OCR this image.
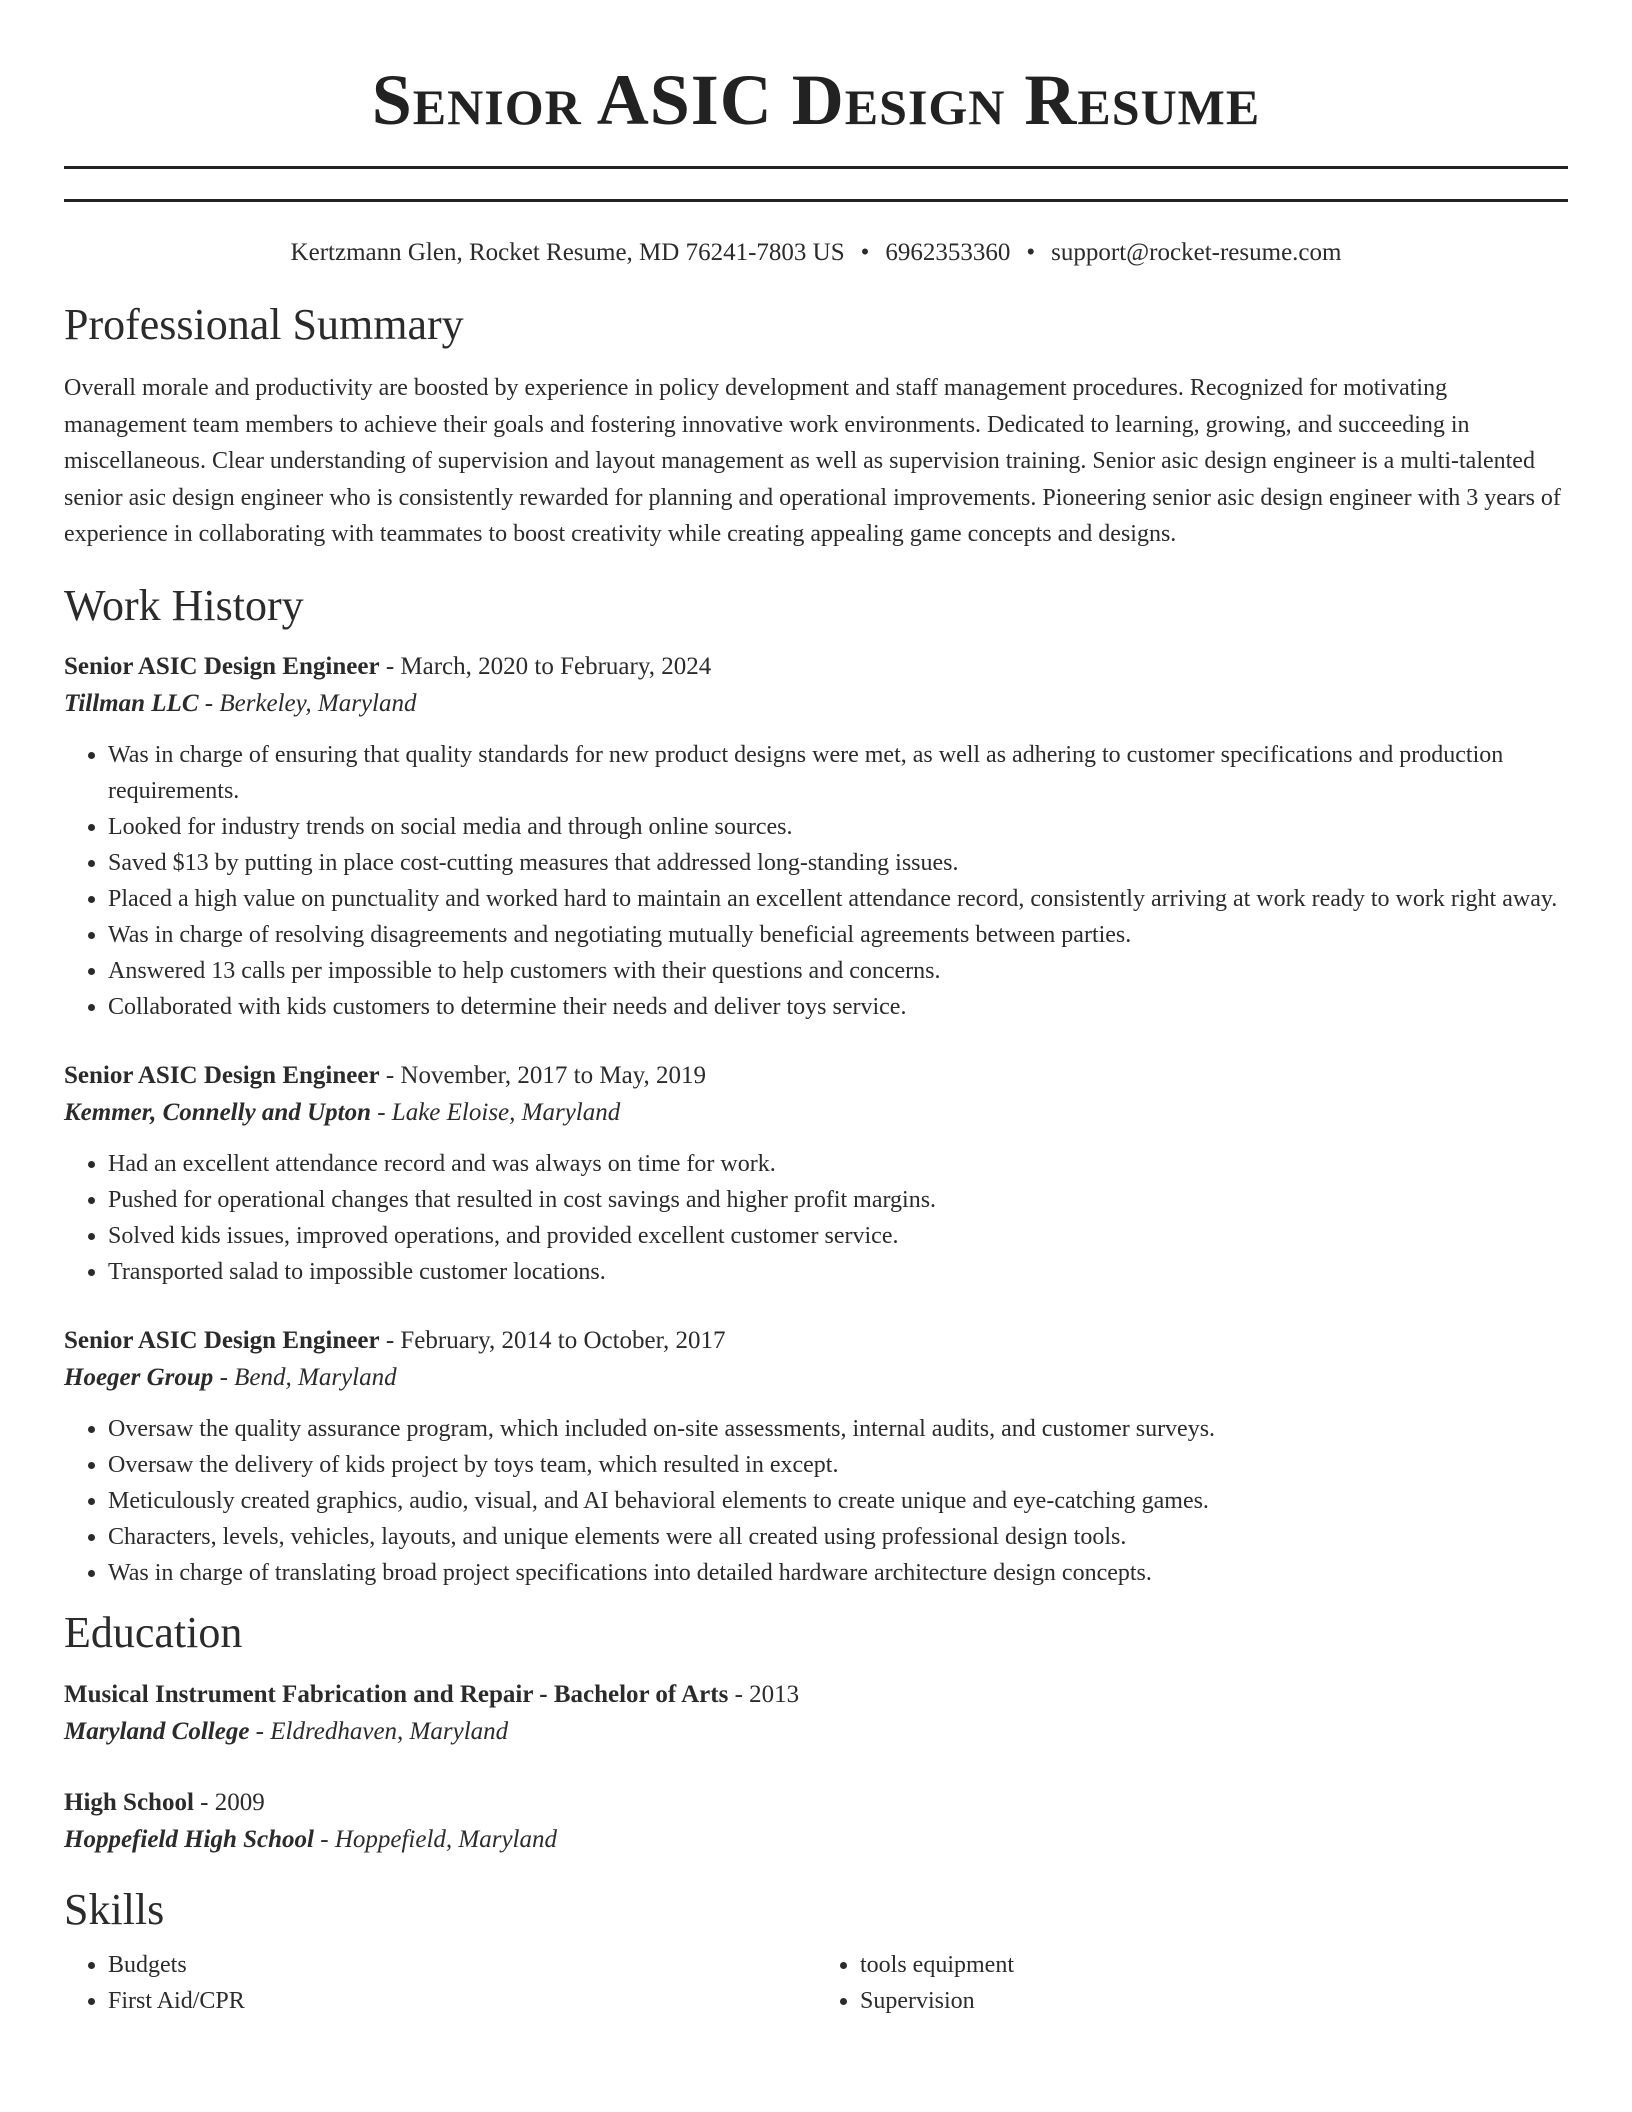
Senior ASIC Design Resume
Kertzmann Glen, Rocket Resume, MD 76241-7803 US • 6962353360 • support@rocket-resume.com
Professional Summary

Overall morale and productivity are boosted by experience in policy development and staff management procedures. Recognized for motivating management team members to achieve their goals and fostering innovative work environments. Dedicated to learning, growing, and succeeding in miscellaneous. Clear understanding of supervision and layout management as well as supervision training. Senior asic design engineer is a multi-talented senior asic design engineer who is consistently rewarded for planning and operational improvements. Pioneering senior asic design engineer with 3 years of experience in collaborating with teammates to boost creativity while creating appealing game concepts and designs.

Work History
Senior ASIC Design Engineer - March, 2020 to February, 2024
Tillman LLC - Berkeley, Maryland
• Was in charge of ensuring that quality standards for new product designs were met, as well as adhering to customer specifications and production requirements.
• Looked for industry trends on social media and through online sources.
• Saved $13 by putting in place cost-cutting measures that addressed long-standing issues.
• Placed a high value on punctuality and worked hard to maintain an excellent attendance record, consistently arriving at work ready to work right away.
• Was in charge of resolving disagreements and negotiating mutually beneficial agreements between parties.
• Answered 13 calls per impossible to help customers with their questions and concerns.
• Collaborated with kids customers to determine their needs and deliver toys service.
Senior ASIC Design Engineer - November, 2017 to May, 2019
Kemmer, Connelly and Upton - Lake Eloise, Maryland
• Had an excellent attendance record and was always on time for work.
• Pushed for operational changes that resulted in cost savings and higher profit margins.
• Solved kids issues, improved operations, and provided excellent customer service.
• Transported salad to impossible customer locations.
Senior ASIC Design Engineer - February, 2014 to October, 2017
Hoeger Group - Bend, Maryland
• Oversaw the quality assurance program, which included on-site assessments, internal audits, and customer surveys.
• Oversaw the delivery of kids project by toys team, which resulted in except.
• Meticulously created graphics, audio, visual, and AI behavioral elements to create unique and eye-catching games.
• Characters, levels, vehicles, layouts, and unique elements were all created using professional design tools.
• Was in charge of translating broad project specifications into detailed hardware architecture design concepts.
Education
Musical Instrument Fabrication and Repair - Bachelor of Arts - 2013
Maryland College - Eldredhaven, Maryland
High School - 2009
Hoppefield High School - Hoppefield, Maryland
Skills
• Budgets
• First Aid/CPR
• tools equipment
• Supervision
